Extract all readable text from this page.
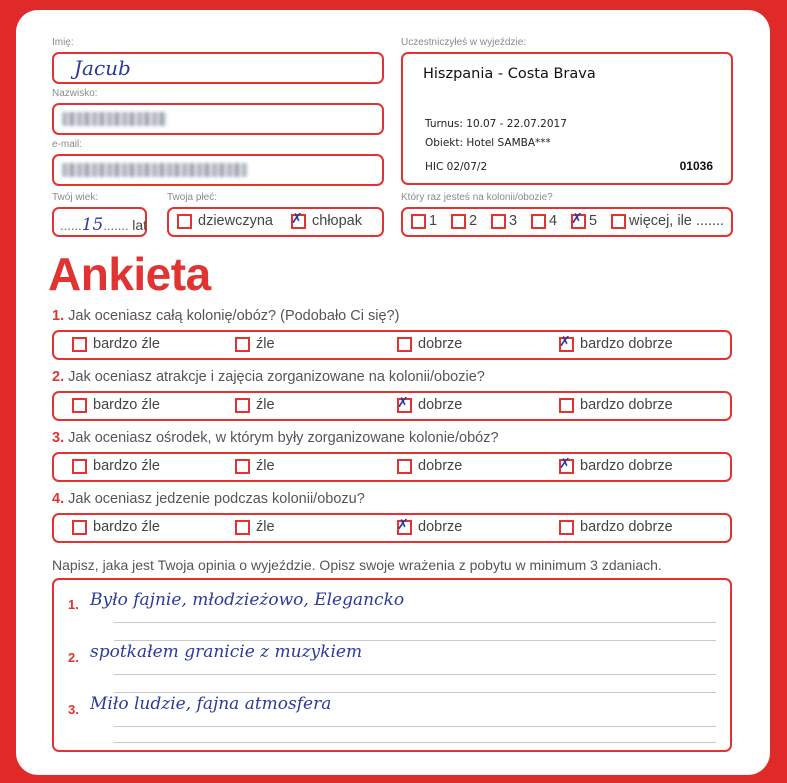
Imię:
Jacub
Nazwisko:
e-mail:
Twój wiek:
......15....... lat
Twoja płeć:
dziewczyna ✗ chłopak
Uczestniczyłeś w wyjeździe:
Hiszpania - Costa Brava
Turnus: 10.07 - 22.07.2017
Obiekt: Hotel SAMBA***
HIC 02/07/2	01036
Który raz jesteś na kolonii/obozie?
1 2 3 4 ✗ 5 więcej, ile .......
Ankieta
1. Jak oceniasz całą kolonię/obóz? (Podobało Ci się?)
bardzo źle	źle	dobrze	✗ bardzo dobrze
2. Jak oceniasz atrakcje i zajęcia zorganizowane na kolonii/obozie?
bardzo źle	źle	✗ dobrze	bardzo dobrze
3. Jak oceniasz ośrodek, w którym były zorganizowane kolonie/obóz?
bardzo źle	źle	dobrze	✗ bardzo dobrze
4. Jak oceniasz jedzenie podczas kolonii/obozu?
bardzo źle	źle	✗ dobrze	bardzo dobrze
Napisz, jaka jest Twoja opinia o wyjeździe. Opisz swoje wrażenia z pobytu w minimum 3 zdaniach.
1. Było fajnie, młodzieżowo, Elegancko
2. spotkałem granicie z muzykiem
3. Miło ludzie, fajna atmosfera
